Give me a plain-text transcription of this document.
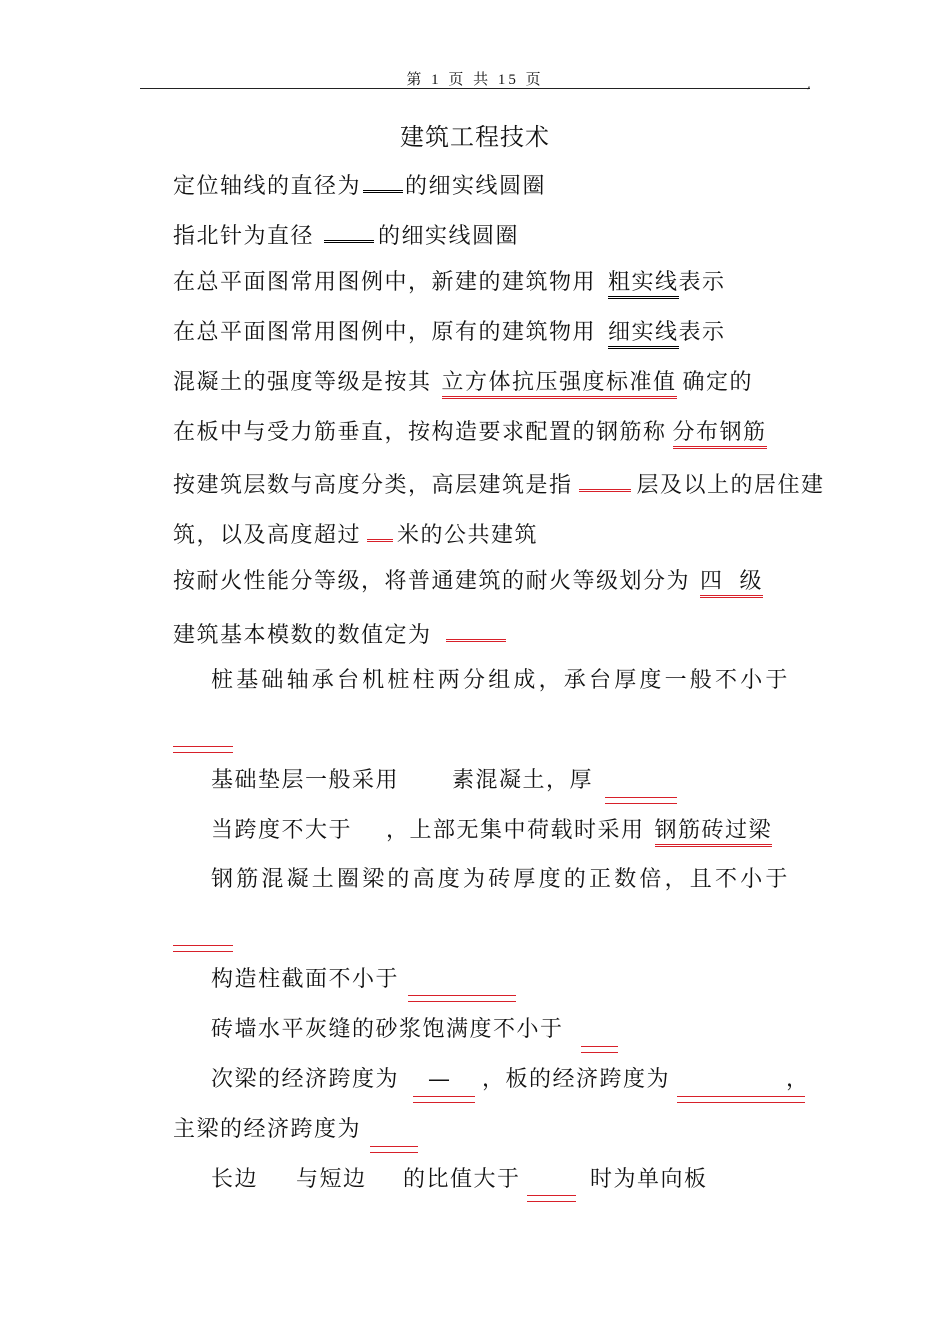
第 1 页 共 15 页	,
建筑工程技术
定位轴线的直径为 的细实线圆圈
指北针为直径	的细实线圆圈
在总平面图常用图例中，新建的建筑物用 粗实线表示
在总平面图常用图例中，原有的建筑物用 细实线表示
混凝土的强度等级是按其 立方体抗压强度标准值 确定的
在板中与受力筋垂直，按构造要求配置的钢筋称 分布钢筋
按建筑层数与高度分类，高层建筑是指	层及以上的居住建
筑，以及高度超过 米的公共建筑
按耐火性能分等级，将普通建筑的耐火等级划分为 四 级
建筑基本模数的数值定为
桩基础轴承台机桩柱两分组成，承台厚度一般不小于
基础垫层一般采用 素混凝土，厚
当跨度不大于 ，上部无集中荷载时采用 钢筋砖过梁
钢筋混凝土圈梁的高度为砖厚度的正数倍，且不小于
构造柱截面不小于
砖墙水平灰缝的砂浆饱满度不小于
次梁的经济跨度为 — ，板的经济跨度为	，
主梁的经济跨度为
长边 与短边 的比值大于	时为单向板
